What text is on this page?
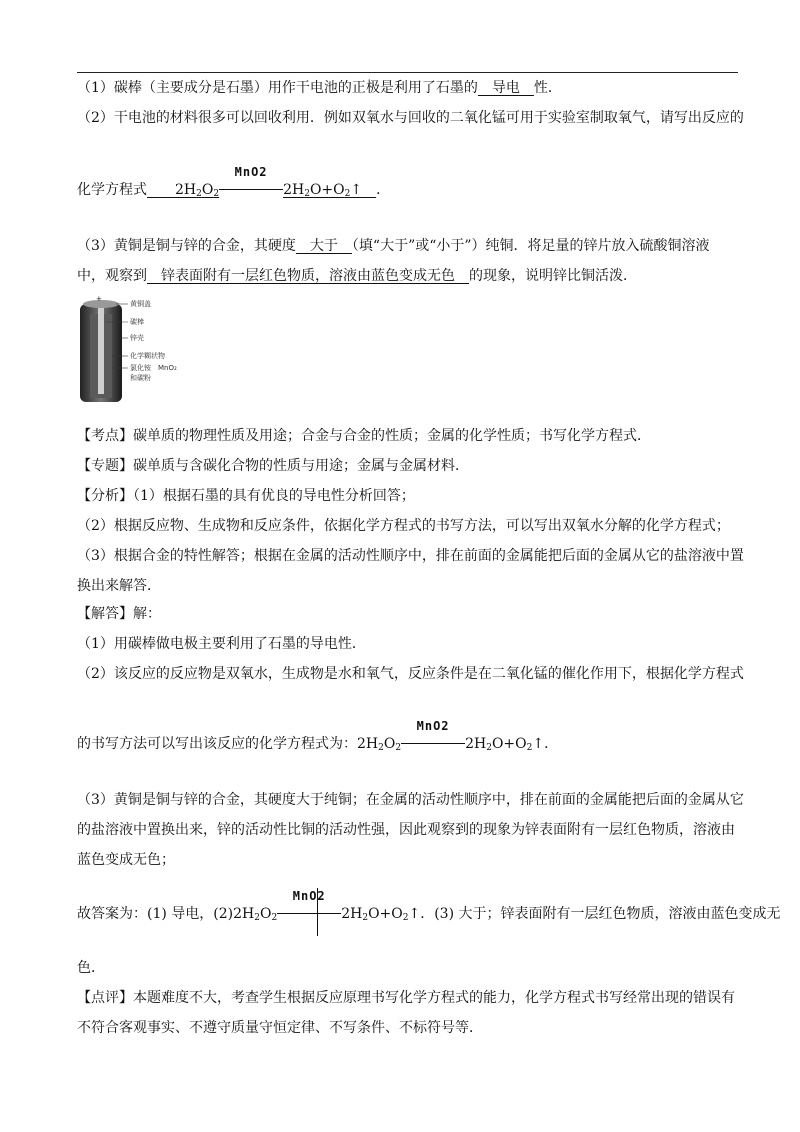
（1）碳棒（主要成分是石墨）用作干电池的正极是利用了石墨的　导电　性．
（2）干电池的材料很多可以回收利用．例如双氧水与回收的二氧化锰可用于实验室制取氧气，请写出反应的
化学方程式　　$2H_2O_2$
MnO2
$2H_2O+O_2↑$　．
（3）黄铜是铜与锌的合金，其硬度　大于　（填“大于”或“小于”）纯铜．将足量的锌片放入硫酸铜溶液
中，观察到　锌表面附有一层红色物质，溶液由蓝色变成无色　的现象，说明锌比铜活泼．
+
黄铜盖
碳棒
锌壳
化学糊状物
氯化铵　MnO₂
和碳粉
【考点】碳单质的物理性质及用途；合金与合金的性质；金属的化学性质；书写化学方程式．
【专题】碳单质与含碳化合物的性质与用途；金属与金属材料．
【分析】（1）根据石墨的具有优良的导电性分析回答；
（2）根据反应物、生成物和反应条件，依据化学方程式的书写方法，可以写出双氧水分解的化学方程式；
（3）根据合金的特性解答；根据在金属的活动性顺序中，排在前面的金属能把后面的金属从它的盐溶液中置
换出来解答．
【解答】解：
（1）用碳棒做电极主要利用了石墨的导电性．
（2）该反应的反应物是双氧水，生成物是水和氧气，反应条件是在二氧化锰的催化作用下，根据化学方程式
的书写方法可以写出该反应的化学方程式为：$2H_2O_2$
MnO2
$2H_2O+O_2↑$．
（3）黄铜是铜与锌的合金，其硬度大于纯铜；在金属的活动性顺序中，排在前面的金属能把后面的金属从它
的盐溶液中置换出来，锌的活动性比铜的活动性强，因此观察到的现象为锌表面附有一层红色物质，溶液由
蓝色变成无色；
故答案为：(1) 导电，$(2)2H_2O_2$
MnO2
$2H_2O+O_2↑$．(3) 大于；锌表面附有一层红色物质，溶液由蓝色变成无
色．
【点评】本题难度不大，考查学生根据反应原理书写化学方程式的能力，化学方程式书写经常出现的错误有
不符合客观事实、不遵守质量守恒定律、不写条件、不标符号等．
